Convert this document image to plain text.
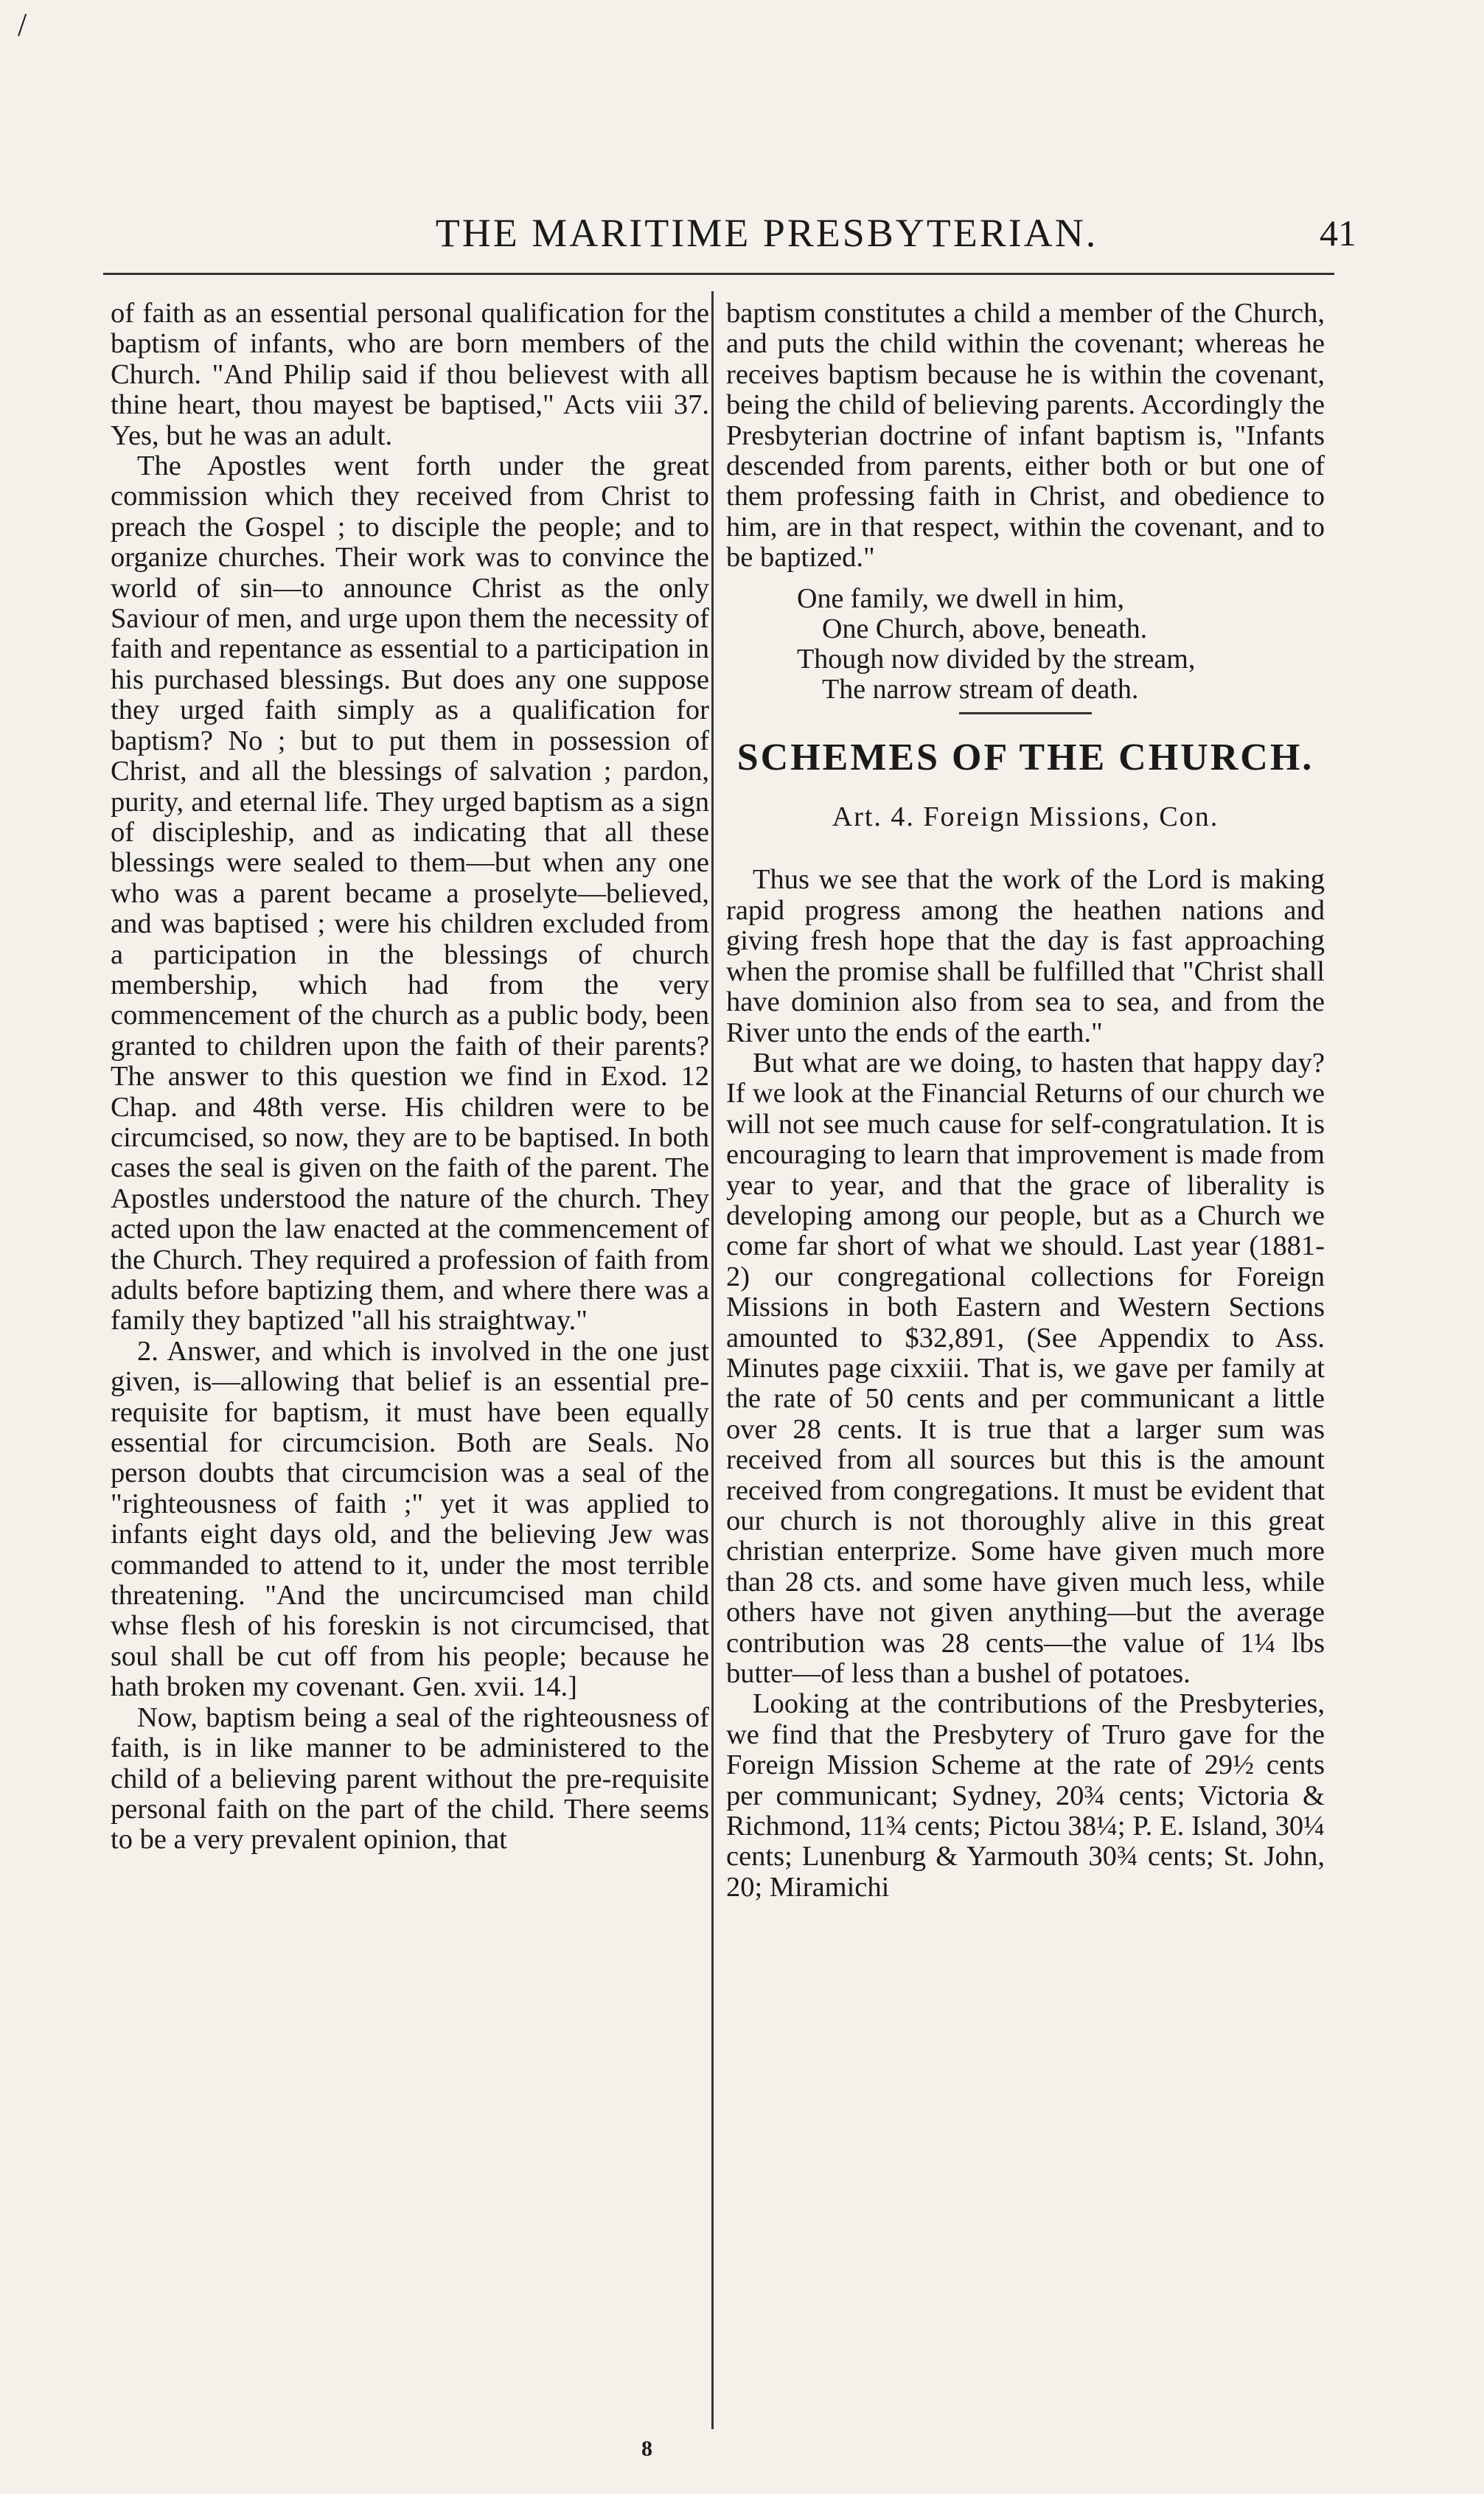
/
THE MARITIME PRESBYTERIAN.	41

of faith as an essential personal qualification for the baptism of infants, who are born members of the Church. "And Philip said if thou believest with all thine heart, thou mayest be baptised," Acts viii 37. Yes, but he was an adult.

The Apostles went forth under the great commission which they received from Christ to preach the Gospel ; to disciple the people; and to organize churches. Their work was to convince the world of sin—to announce Christ as the only Saviour of men, and urge upon them the necessity of faith and repentance as essential to a participation in his purchased blessings. But does any one suppose they urged faith simply as a qualification for baptism? No ; but to put them in possession of Christ, and all the blessings of salvation ; pardon, purity, and eternal life. They urged baptism as a sign of discipleship, and as indicating that all these blessings were sealed to them—but when any one who was a parent became a proselyte—believed, and was baptised ; were his children excluded from a participation in the blessings of church membership, which had from the very commencement of the church as a public body, been granted to children upon the faith of their parents? The answer to this question we find in Exod. 12 Chap. and 48th verse. His children were to be circumcised, so now, they are to be baptised. In both cases the seal is given on the faith of the parent. The Apostles understood the nature of the church. They acted upon the law enacted at the commencement of the Church. They required a profession of faith from adults before baptizing them, and where there was a family they baptized "all his straightway."

2. Answer, and which is involved in the one just given, is—allowing that belief is an essential pre-requisite for baptism, it must have been equally essential for circumcision. Both are Seals. No person doubts that circumcision was a seal of the "righteousness of faith ;" yet it was applied to infants eight days old, and the believing Jew was commanded to attend to it, under the most terrible threatening. "And the uncircumcised man child whse flesh of his foreskin is not circumcised, that soul shall be cut off from his people; because he hath broken my covenant. Gen. xvii. 14.]

Now, baptism being a seal of the righteousness of faith, is in like manner to be administered to the child of a believing parent without the pre-requisite personal faith on the part of the child. There seems to be a very prevalent opinion, that

baptism constitutes a child a member of the Church, and puts the child within the covenant; whereas he receives baptism because he is within the covenant, being the child of believing parents. Accordingly the Presbyterian doctrine of infant baptism is, "Infants descended from parents, either both or but one of them professing faith in Christ, and obedience to him, are in that respect, within the covenant, and to be baptized."

One family, we dwell in him,
One Church, above, beneath.
Though now divided by the stream,
The narrow stream of death.
SCHEMES OF THE CHURCH.
Art. 4. Foreign Missions, Con.

Thus we see that the work of the Lord is making rapid progress among the heathen nations and giving fresh hope that the day is fast approaching when the promise shall be fulfilled that "Christ shall have dominion also from sea to sea, and from the River unto the ends of the earth."

But what are we doing, to hasten that happy day? If we look at the Financial Returns of our church we will not see much cause for self-congratulation. It is encouraging to learn that improvement is made from year to year, and that the grace of liberality is developing among our people, but as a Church we come far short of what we should. Last year (1881-2) our congregational collections for Foreign Missions in both Eastern and Western Sections amounted to $32,891, (See Appendix to Ass. Minutes page cixxiii. That is, we gave per family at the rate of 50 cents and per communicant a little over 28 cents. It is true that a larger sum was received from all sources but this is the amount received from congregations. It must be evident that our church is not thoroughly alive in this great christian enterprize. Some have given much more than 28 cts. and some have given much less, while others have not given anything—but the average contribution was 28 cents—the value of 1¼ lbs butter—of less than a bushel of potatoes.

Looking at the contributions of the Presbyteries, we find that the Presbytery of Truro gave for the Foreign Mission Scheme at the rate of 29½ cents per communicant; Sydney, 20¾ cents; Victoria & Richmond, 11¾ cents; Pictou 38¼; P. E. Island, 30¼ cents; Lunenburg & Yarmouth 30¾ cents; St. John, 20; Miramichi

8
